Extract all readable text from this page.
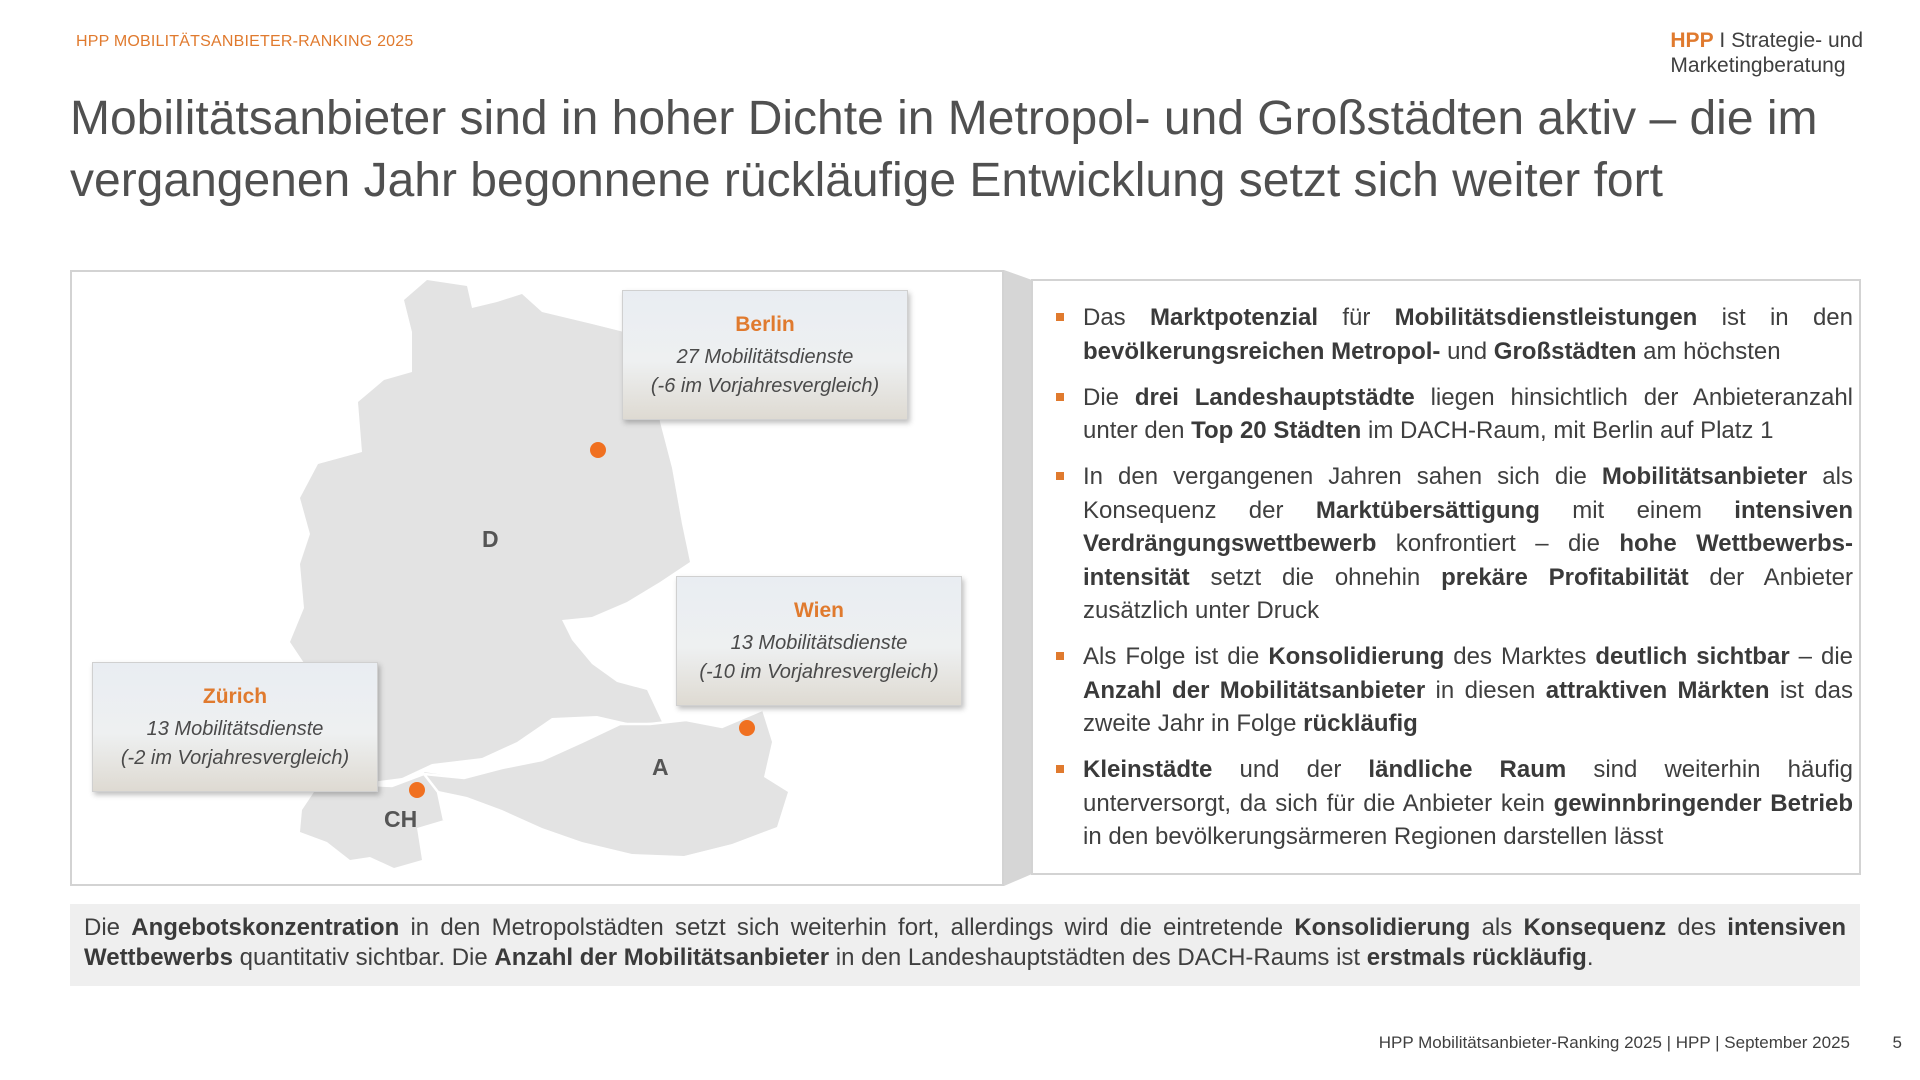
HPP MOBILITÄTSANBIETER-RANKING 2025	HPP I Strategie- und
Marketingberatung
Mobilitätsanbieter sind in hoher Dichte in Metropol- und Großstädten aktiv – die im vergangenen Jahr begonnene rückläufige Entwicklung setzt sich weiter fort
D
A
CH
Berlin
27 Mobilitätsdienste
(-6 im Vorjahresvergleich)
Wien
13 Mobilitätsdienste
(-10 im Vorjahresvergleich)
Zürich
13 Mobilitätsdienste
(-2 im Vorjahresvergleich)
Das Marktpotenzial für Mobilitätsdienstleistungen ist in den bevölkerungsreichen Metropol- und Großstädten am höchsten
Die drei Landeshauptstädte liegen hinsichtlich der Anbieteranzahl unter den Top 20 Städten im DACH-Raum, mit Berlin auf Platz 1
In den vergangenen Jahren sahen sich die Mobilitätsanbieter als Konsequenz der Marktübersättigung mit einem intensiven Verdrängungswettbewerb konfrontiert – die hohe Wettbewerbs-intensität setzt die ohnehin prekäre Profitabilität der Anbieter zusätzlich unter Druck
Als Folge ist die Konsolidierung des Marktes deutlich sichtbar – die Anzahl der Mobilitätsanbieter in diesen attraktiven Märkten ist das zweite Jahr in Folge rückläufig
Kleinstädte und der ländliche Raum sind weiterhin häufig unterversorgt, da sich für die Anbieter kein gewinnbringender Betrieb in den bevölkerungsärmeren Regionen darstellen lässt
Die Angebotskonzentration in den Metropolstädten setzt sich weiterhin fort, allerdings wird die eintretende Konsolidierung als Konsequenz des intensiven Wettbewerbs quantitativ sichtbar. Die Anzahl der Mobilitätsanbieter in den Landeshauptstädten des DACH-Raums ist erstmals rückläufig.
HPP Mobilitätsanbieter-Ranking 2025 | HPP | September 2025	5
